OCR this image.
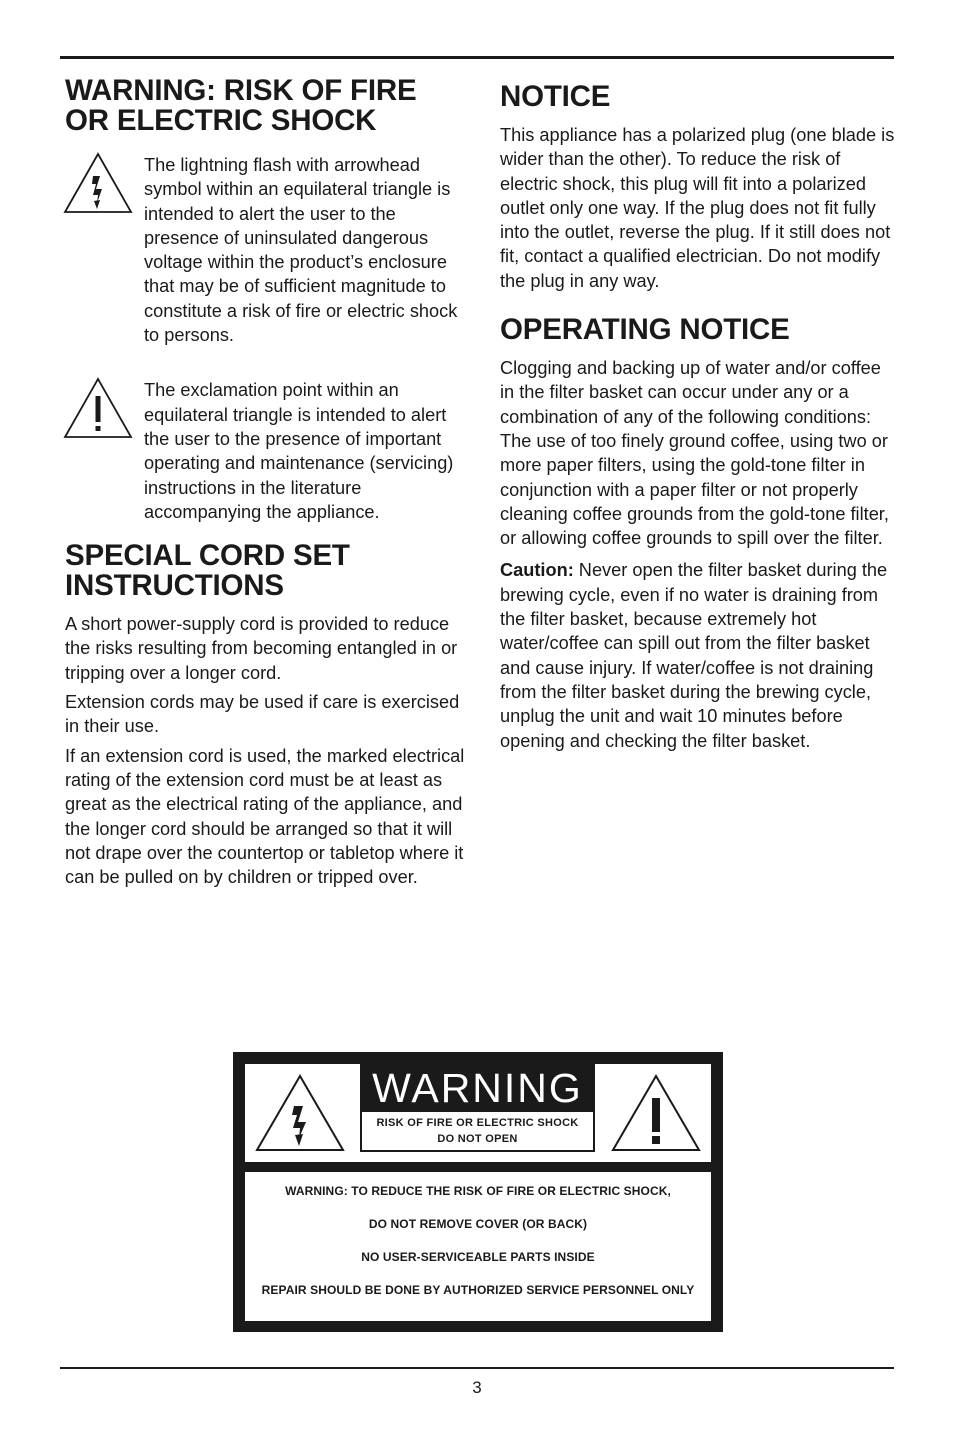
WARNING: RISK OF FIRE OR ELECTRIC SHOCK

The lightning flash with arrowhead symbol within an equilateral triangle is intended to alert the user to the presence of uninsulated dangerous voltage within the product’s enclosure that may be of sufficient magnitude to constitute a risk of fire or electric shock to persons.

The exclamation point within an equilateral triangle is intended to alert the user to the presence of important operating and maintenance (servicing) instructions in the literature accompanying the appliance.

SPECIAL CORD SET INSTRUCTIONS

A short power-supply cord is provided to reduce the risks resulting from becoming entangled in or tripping over a longer cord.

Extension cords may be used if care is exercised in their use.

If an extension cord is used, the marked electrical rating of the extension cord must be at least as great as the electrical rating of the appliance, and the longer cord should be arranged so that it will not drape over the countertop or tabletop where it can be pulled on by children or tripped over.

NOTICE

This appliance has a polarized plug (one blade is wider than the other). To reduce the risk of electric shock, this plug will fit into a polarized outlet only one way. If the plug does not fit fully into the outlet, reverse the plug. If it still does not fit, contact a qualified electrician. Do not modify the plug in any way.

OPERATING NOTICE

Clogging and backing up of water and/or coffee in the filter basket can occur under any or a combination of any of the following conditions: The use of too finely ground coffee, using two or more paper filters, using the gold-tone filter in conjunction with a paper filter or not properly cleaning coffee grounds from the gold-tone filter, or allowing coffee grounds to spill over the filter.

Caution: Never open the filter basket during the brewing cycle, even if no water is draining from the filter basket, because extremely hot water/coffee can spill out from the filter basket and cause injury. If water/coffee is not draining from the filter basket during the brewing cycle, unplug the unit and wait 10 minutes before opening and checking the filter basket.

WARNING
RISK OF FIRE OR ELECTRIC SHOCK
DO NOT OPEN
WARNING: TO REDUCE THE RISK OF FIRE OR ELECTRIC SHOCK,
DO NOT REMOVE COVER (OR BACK)
NO USER-SERVICEABLE PARTS INSIDE
REPAIR SHOULD BE DONE BY AUTHORIZED SERVICE PERSONNEL ONLY
3
